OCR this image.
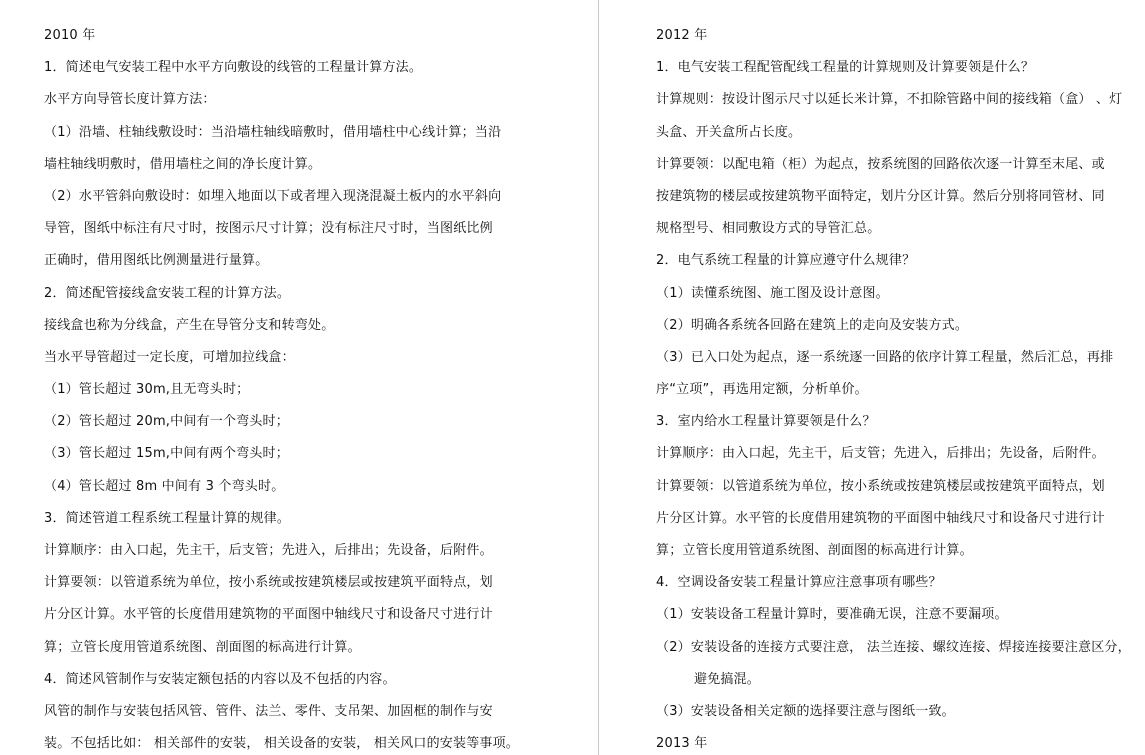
2010 年
1．简述电气安装工程中水平方向敷设的线管的工程量计算方法。
水平方向导管长度计算方法：
（1）沿墙、柱轴线敷设时：当沿墙柱轴线暗敷时，借用墙柱中心线计算；当沿
墙柱轴线明敷时，借用墙柱之间的净长度计算。
（2）水平管斜向敷设时：如埋入地面以下或者埋入现浇混凝土板内的水平斜向
导管，图纸中标注有尺寸时，按图示尺寸计算；没有标注尺寸时，当图纸比例
正确时，借用图纸比例测量进行量算。
2．简述配管接线盒安装工程的计算方法。
接线盒也称为分线盒，产生在导管分支和转弯处。
当水平导管超过一定长度，可增加拉线盒：
（1）管长超过 30m,且无弯头时；
（2）管长超过 20m,中间有一个弯头时；
（3）管长超过 15m,中间有两个弯头时；
（4）管长超过 8m 中间有 3 个弯头时。
3．简述管道工程系统工程量计算的规律。
计算顺序：由入口起，先主干，后支管；先进入，后排出；先设备，后附件。
计算要领：以管道系统为单位，按小系统或按建筑楼层或按建筑平面特点，划
片分区计算。水平管的长度借用建筑物的平面图中轴线尺寸和设备尺寸进行计
算；立管长度用管道系统图、剖面图的标高进行计算。
4．简述风管制作与安装定额包括的内容以及不包括的内容。
风管的制作与安装包括风管、管件、法兰、零件、支吊架、加固框的制作与安
装。不包括比如： 相关部件的安装， 相关设备的安装， 相关风口的安装等事项。
2012 年
1．电气安装工程配管配线工程量的计算规则及计算要领是什么？
计算规则：按设计图示尺寸以延长米计算，不扣除管路中间的接线箱（盒） 、灯
头盒、开关盒所占长度。
计算要领：以配电箱（柜）为起点，按系统图的回路依次逐一计算至末尾、或
按建筑物的楼层或按建筑物平面特定，划片分区计算。然后分别将同管材、同
规格型号、相同敷设方式的导管汇总。
2．电气系统工程量的计算应遵守什么规律？
（1）读懂系统图、施工图及设计意图。
（2）明确各系统各回路在建筑上的走向及安装方式。
（3）已入口处为起点，逐一系统逐一回路的依序计算工程量，然后汇总，再排
序“立项”，再选用定额，分析单价。
3．室内给水工程量计算要领是什么？
计算顺序：由入口起，先主干，后支管；先进入，后排出；先设备，后附件。
计算要领：以管道系统为单位，按小系统或按建筑楼层或按建筑平面特点，划
片分区计算。水平管的长度借用建筑物的平面图中轴线尺寸和设备尺寸进行计
算；立管长度用管道系统图、剖面图的标高进行计算。
4．空调设备安装工程量计算应注意事项有哪些？
（1）安装设备工程量计算时，要准确无误，注意不要漏项。
（2）安装设备的连接方式要注意， 法兰连接、螺纹连接、焊接连接要注意区分，
避免搞混。
（3）安装设备相关定额的选择要注意与图纸一致。
2013 年
